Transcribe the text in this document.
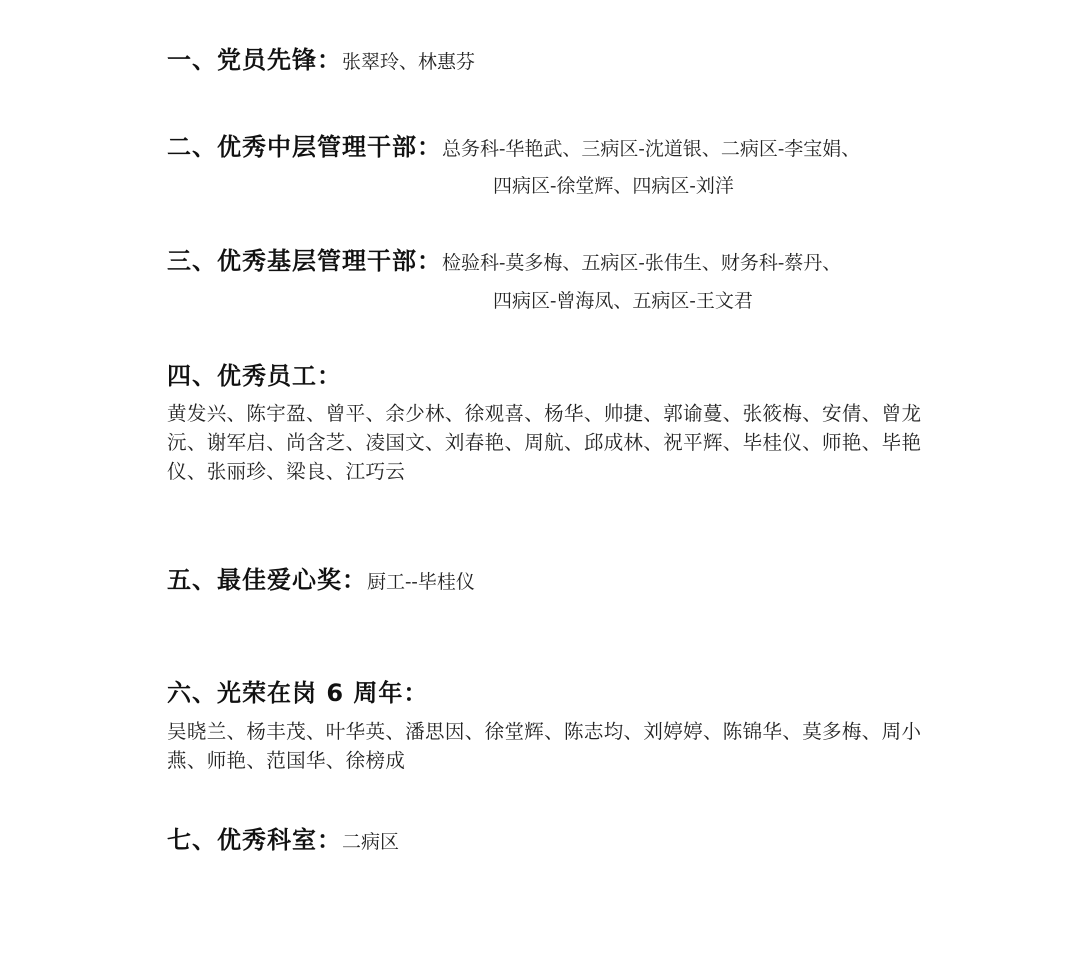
一、党员先锋： 张翠玲、林惠芬
二、优秀中层管理干部： 总务科-华艳武、三病区-沈道银、二病区-李宝娟、
四病区-徐堂辉、四病区-刘洋
三、优秀基层管理干部： 检验科-莫多梅、五病区-张伟生、财务科-蔡丹、
四病区-曾海凤、五病区-王文君
四、优秀员工：
黄发兴、陈宇盈、曾平、余少林、徐观喜、杨华、帅捷、郭谕蔓、张筱梅、安倩、曾龙
沅、谢军启、尚含芝、凌国文、刘春艳、周航、邱成林、祝平辉、毕桂仪、师艳、毕艳
仪、张丽珍、梁良、江巧云
五、最佳爱心奖： 厨工--毕桂仪
六、光荣在岗 6 周年：
吴晓兰、杨丰茂、叶华英、潘思因、徐堂辉、陈志均、刘婷婷、陈锦华、莫多梅、周小
燕、师艳、范国华、徐榜成
七、优秀科室： 二病区
